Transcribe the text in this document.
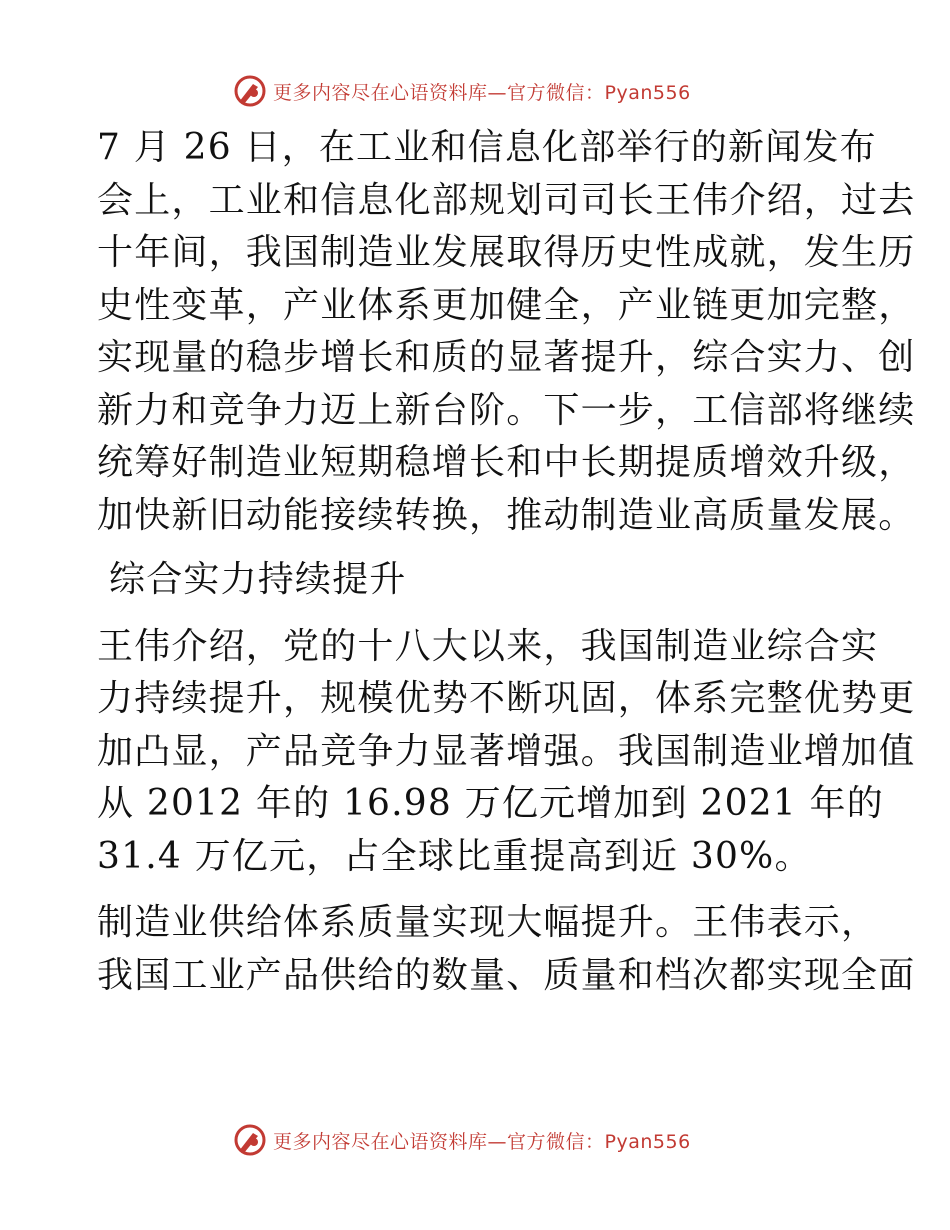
更多内容尽在心语资料库—官方微信：Pyan556
7 月 26 日，在工业和信息化部举行的新闻发布
会上，工业和信息化部规划司司长王伟介绍，过去
十年间，我国制造业发展取得历史性成就，发生历
史性变革，产业体系更加健全，产业链更加完整，
实现量的稳步增长和质的显著提升，综合实力、创
新力和竞争力迈上新台阶。下一步，工信部将继续
统筹好制造业短期稳增长和中长期提质增效升级，
加快新旧动能接续转换，推动制造业高质量发展。
综合实力持续提升
王伟介绍，党的十八大以来，我国制造业综合实
力持续提升，规模优势不断巩固，体系完整优势更
加凸显，产品竞争力显著增强。我国制造业增加值
从 2012 年的 16.98 万亿元增加到 2021 年的
31.4 万亿元，占全球比重提高到近 30%。
制造业供给体系质量实现大幅提升。王伟表示，
我国工业产品供给的数量、质量和档次都实现全面
更多内容尽在心语资料库—官方微信：Pyan556
